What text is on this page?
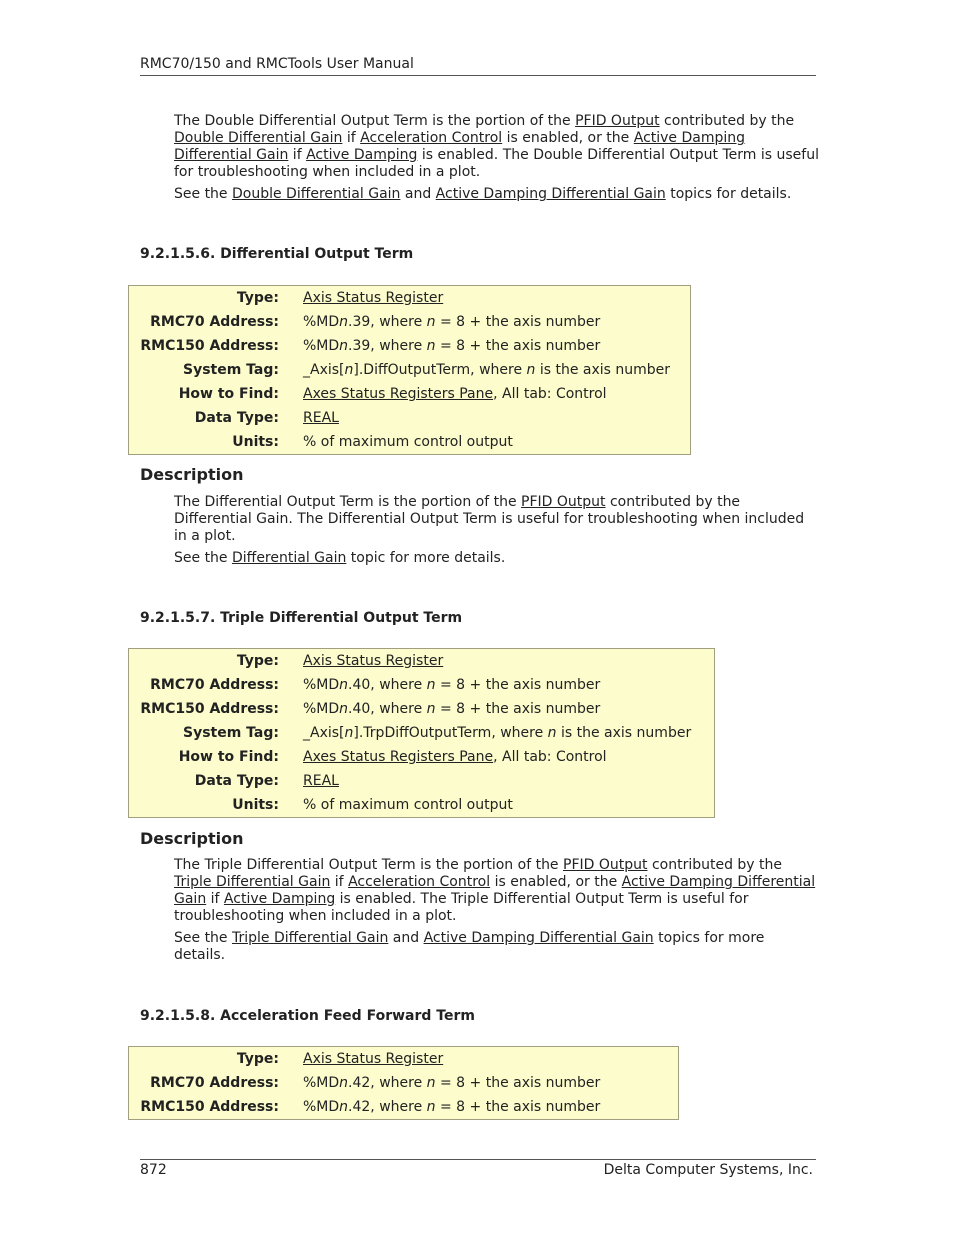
RMC70/150 and RMCTools User Manual

The Double Differential Output Term is the portion of the PFID Output contributed by the Double Differential Gain if Acceleration Control is enabled, or the Active Damping Differential Gain if Active Damping is enabled. The Double Differential Output Term is useful for troubleshooting when included in a plot.

See the Double Differential Gain and Active Damping Differential Gain topics for details.

9.2.1.5.6. Differential Output Term
Type:	Axis Status Register
RMC70 Address:	%MDn.39, where n = 8 + the axis number
RMC150 Address:	%MDn.39, where n = 8 + the axis number
System Tag:	_Axis[n].DiffOutputTerm, where n is the axis number
How to Find:	Axes Status Registers Pane, All tab: Control
Data Type:	REAL
Units:	% of maximum control output
Description

The Differential Output Term is the portion of the PFID Output contributed by the Differential Gain. The Differential Output Term is useful for troubleshooting when included in a plot.

See the Differential Gain topic for more details.

9.2.1.5.7. Triple Differential Output Term
Type:	Axis Status Register
RMC70 Address:	%MDn.40, where n = 8 + the axis number
RMC150 Address:	%MDn.40, where n = 8 + the axis number
System Tag:	_Axis[n].TrpDiffOutputTerm, where n is the axis number
How to Find:	Axes Status Registers Pane, All tab: Control
Data Type:	REAL
Units:	% of maximum control output
Description

The Triple Differential Output Term is the portion of the PFID Output contributed by the Triple Differential Gain if Acceleration Control is enabled, or the Active Damping Differential Gain if Active Damping is enabled. The Triple Differential Output Term is useful for troubleshooting when included in a plot.

See the Triple Differential Gain and Active Damping Differential Gain topics for more details.

9.2.1.5.8. Acceleration Feed Forward Term
Type:	Axis Status Register
RMC70 Address:	%MDn.42, where n = 8 + the axis number
RMC150 Address:	%MDn.42, where n = 8 + the axis number
872	Delta Computer Systems, Inc.
